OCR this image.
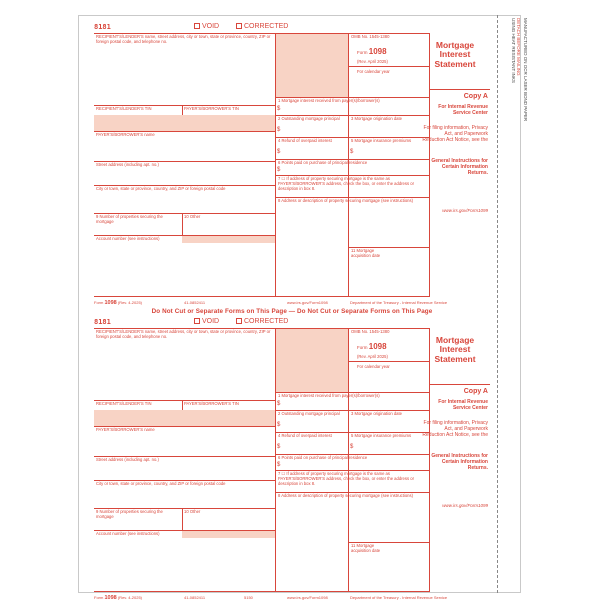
8181	VOID	CORRECTED
RECIPIENT'S/LENDER'S name, street address, city or town, state or province, country, ZIP or foreign postal code, and telephone no.
RECIPIENT'S/LENDER'S TIN	PAYER'S/BORROWER'S TIN
PAYER'S/BORROWER'S name
Street address (including apt. no.)
City or town, state or province, country, and ZIP or foreign postal code
9 Number of properties securing the mortgage
10 Other
Account number (see instructions)
OMB No. 1545-1380
Form 1098
(Rev. April 2025)
For calendar year
1 Mortgage interest received from payer(s)/borrower(s)
$
2 Outstanding mortgage principal
$
3 Mortgage origination date
4 Refund of overpaid interest
$
5 Mortgage insurance premiums
$
6 Points paid on purchase of principal residence
$
7 ☐ If address of property securing mortgage is the same as PAYER'S/BORROWER'S address, check the box, or enter the address or description in box 8.
8 Address or description of property securing mortgage (see instructions)
11 Mortgage acquisition date
Mortgage
Interest
Statement
Copy A
For Internal Revenue Service Center
For filing information, Privacy Act, and Paperwork Reduction Act Notice, see the
General Instructions for Certain Information Returns.
www.irs.gov/Form1099
Form 1098 (Rev. 4-2025)	41-0852411	www.irs.gov/Form1098	Department of the Treasury - Internal Revenue Service
Do Not Cut or Separate Forms on This Page — Do Not Cut or Separate Forms on This Page
8181	VOID	CORRECTED
RECIPIENT'S/LENDER'S name, street address, city or town, state or province, country, ZIP or foreign postal code, and telephone no.
RECIPIENT'S/LENDER'S TIN	PAYER'S/BORROWER'S TIN
PAYER'S/BORROWER'S name
Street address (including apt. no.)
City or town, state or province, country, and ZIP or foreign postal code
9 Number of properties securing the mortgage
10 Other
Account number (see instructions)
OMB No. 1545-1380
Form 1098
(Rev. April 2025)
For calendar year
1 Mortgage interest received from payer(s)/borrower(s)
$
2 Outstanding mortgage principal
$
3 Mortgage origination date
4 Refund of overpaid interest
$
5 Mortgage insurance premiums
$
6 Points paid on purchase of principal residence
$
7 ☐ If address of property securing mortgage is the same as PAYER'S/BORROWER'S address, check the box, or enter the address or description in box 8.
8 Address or description of property securing mortgage (see instructions)
11 Mortgage acquisition date
Mortgage
Interest
Statement
Copy A
For Internal Revenue Service Center
For filing information, Privacy Act, and Paperwork Reduction Act Notice, see the
General Instructions for Certain Information Returns.
www.irs.gov/Form1099
Form 1098 (Rev. 4-2025)	41-0852411	5150	www.irs.gov/Form1098	Department of the Treasury - Internal Revenue Service
DETACH BEFORE MAILING
USING HEAT RESISTANT INKS MANUFACTURED ON OCR LASER BOND PAPER
